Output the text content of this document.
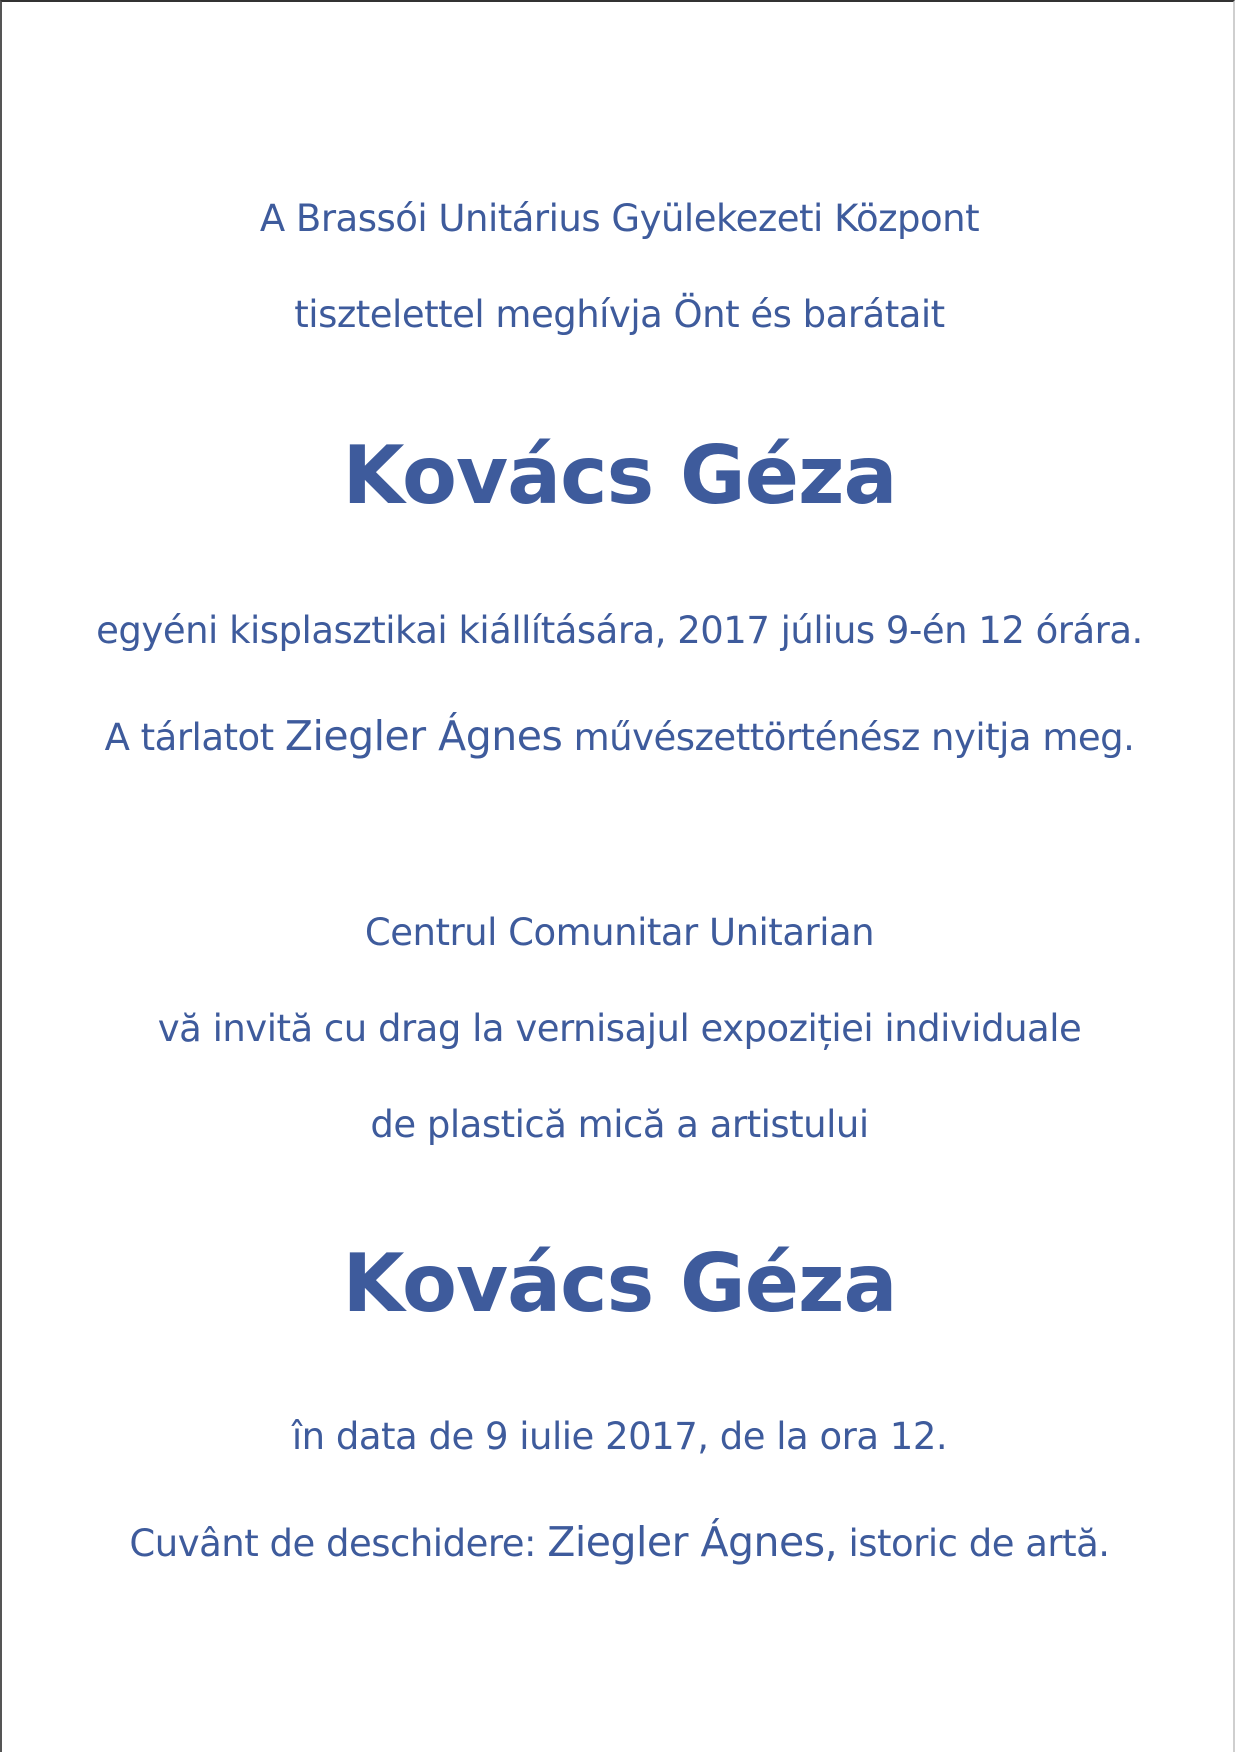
A Brassói Unitárius Gyülekezeti Központ
tisztelettel meghívja Önt és barátait
Kovács Géza
egyéni kisplasztikai kiállítására, 2017 július 9-én 12 órára.
A tárlatot Ziegler Ágnes művészettörténész nyitja meg.
Centrul Comunitar Unitarian
vă invită cu drag la vernisajul expoziției individuale
de plastică mică a artistului
Kovács Géza
în data de 9 iulie 2017, de la ora 12.
Cuvânt de deschidere: Ziegler Ágnes, istoric de artă.
